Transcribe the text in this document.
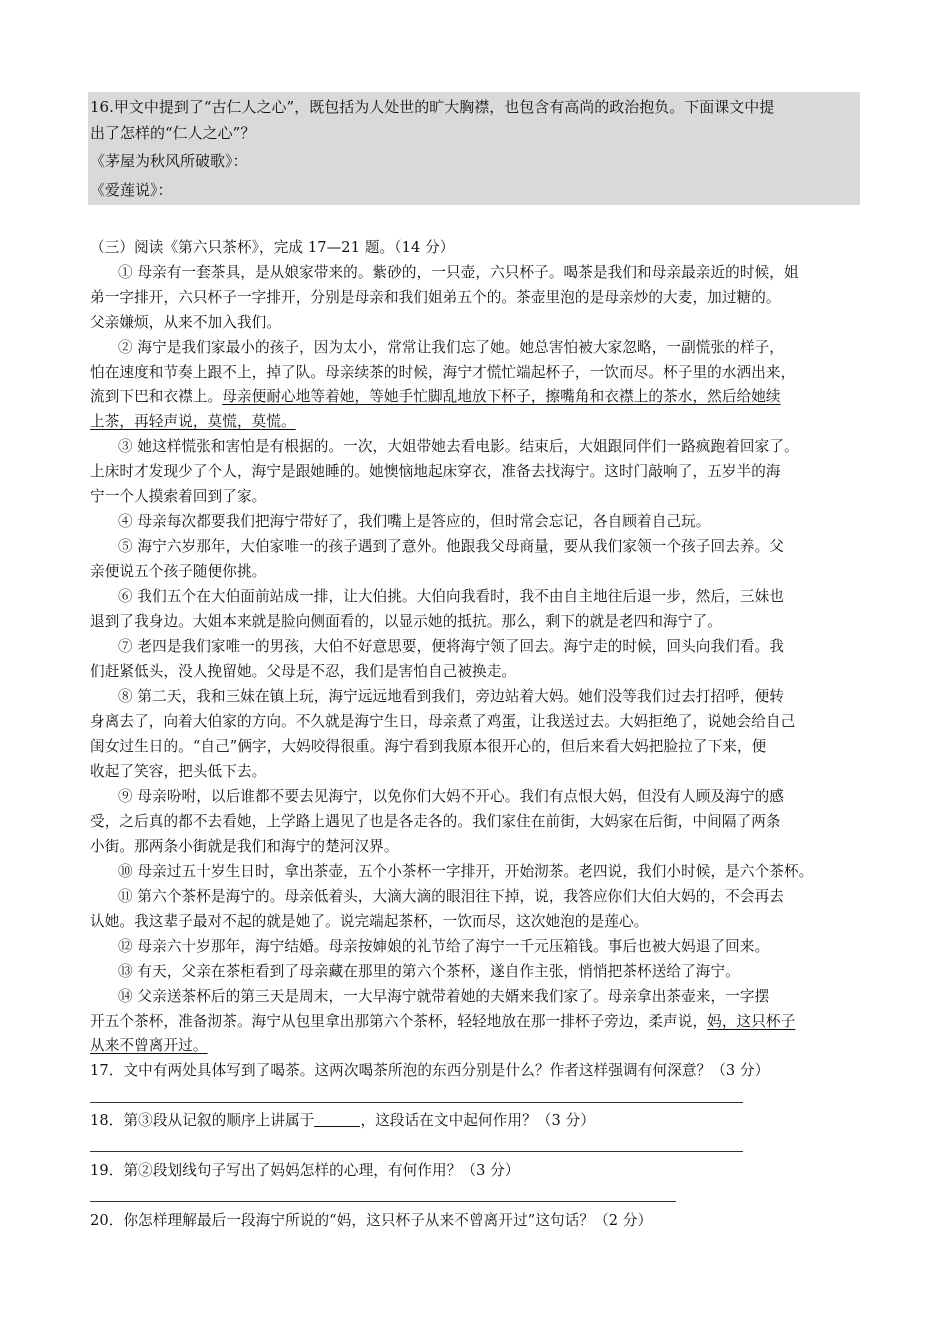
16.甲文中提到了“古仁人之心”，既包括为人处世的旷大胸襟，也包含有高尚的政治抱负。下面课文中提
出了怎样的“仁人之心”？
《茅屋为秋风所破歌》：
《爱莲说》：
（三）阅读《第六只茶杯》，完成 17—21 题。（14 分）
① 母亲有一套茶具，是从娘家带来的。紫砂的，一只壶，六只杯子。喝茶是我们和母亲最亲近的时候，姐
弟一字排开，六只杯子一字排开，分别是母亲和我们姐弟五个的。茶壶里泡的是母亲炒的大麦，加过糖的。
父亲嫌烦，从来不加入我们。
② 海宁是我们家最小的孩子，因为太小，常常让我们忘了她。她总害怕被大家忽略，一副慌张的样子，
怕在速度和节奏上跟不上，掉了队。母亲续茶的时候，海宁才慌忙端起杯子，一饮而尽。杯子里的水洒出来，
流到下巴和衣襟上。母亲便耐心地等着她，等她手忙脚乱地放下杯子，擦嘴角和衣襟上的茶水，然后给她续
上茶，再轻声说，莫慌，莫慌。
③ 她这样慌张和害怕是有根据的。一次，大姐带她去看电影。结束后，大姐跟同伴们一路疯跑着回家了。
上床时才发现少了个人，海宁是跟她睡的。她懊恼地起床穿衣，准备去找海宁。这时门敲响了，五岁半的海
宁一个人摸索着回到了家。
④ 母亲每次都要我们把海宁带好了，我们嘴上是答应的，但时常会忘记，各自顾着自己玩。
⑤ 海宁六岁那年，大伯家唯一的孩子遇到了意外。他跟我父母商量，要从我们家领一个孩子回去养。父
亲便说五个孩子随便你挑。
⑥ 我们五个在大伯面前站成一排，让大伯挑。大伯向我看时，我不由自主地往后退一步，然后，三妹也
退到了我身边。大姐本来就是脸向侧面看的，以显示她的抵抗。那么，剩下的就是老四和海宁了。
⑦ 老四是我们家唯一的男孩，大伯不好意思要，便将海宁领了回去。海宁走的时候，回头向我们看。我
们赶紧低头，没人挽留她。父母是不忍，我们是害怕自己被换走。
⑧ 第二天，我和三妹在镇上玩，海宁远远地看到我们，旁边站着大妈。她们没等我们过去打招呼，便转
身离去了，向着大伯家的方向。不久就是海宁生日，母亲煮了鸡蛋，让我送过去。大妈拒绝了，说她会给自己
闺女过生日的。“自己”俩字，大妈咬得很重。海宁看到我原本很开心的，但后来看大妈把脸拉了下来，便
收起了笑容，把头低下去。
⑨ 母亲吩咐，以后谁都不要去见海宁，以免你们大妈不开心。我们有点恨大妈，但没有人顾及海宁的感
受，之后真的都不去看她，上学路上遇见了也是各走各的。我们家住在前街，大妈家在后街，中间隔了两条
小街。那两条小街就是我们和海宁的楚河汉界。
⑩ 母亲过五十岁生日时，拿出茶壶，五个小茶杯一字排开，开始沏茶。老四说，我们小时候，是六个茶杯。
⑪ 第六个茶杯是海宁的。母亲低着头，大滴大滴的眼泪往下掉，说，我答应你们大伯大妈的，不会再去
认她。我这辈子最对不起的就是她了。说完端起茶杯，一饮而尽，这次她泡的是莲心。
⑫ 母亲六十岁那年，海宁结婚。母亲按婶娘的礼节给了海宁一千元压箱钱。事后也被大妈退了回来。
⑬ 有天，父亲在茶柜看到了母亲藏在那里的第六个茶杯，遂自作主张，悄悄把茶杯送给了海宁。
⑭ 父亲送茶杯后的第三天是周末，一大早海宁就带着她的夫婿来我们家了。母亲拿出茶壶来，一字摆
开五个茶杯，准备沏茶。海宁从包里拿出那第六个茶杯，轻轻地放在那一排杯子旁边，柔声说，妈，这只杯子
从来不曾离开过。
17．文中有两处具体写到了喝茶。这两次喝茶所泡的东西分别是什么？作者这样强调有何深意？（3 分）
18．第③段从记叙的顺序上讲属于	，这段话在文中起何作用？（3 分）
19．第②段划线句子写出了妈妈怎样的心理，有何作用？（3 分）
20．你怎样理解最后一段海宁所说的“妈，这只杯子从来不曾离开过”这句话？（2 分）
